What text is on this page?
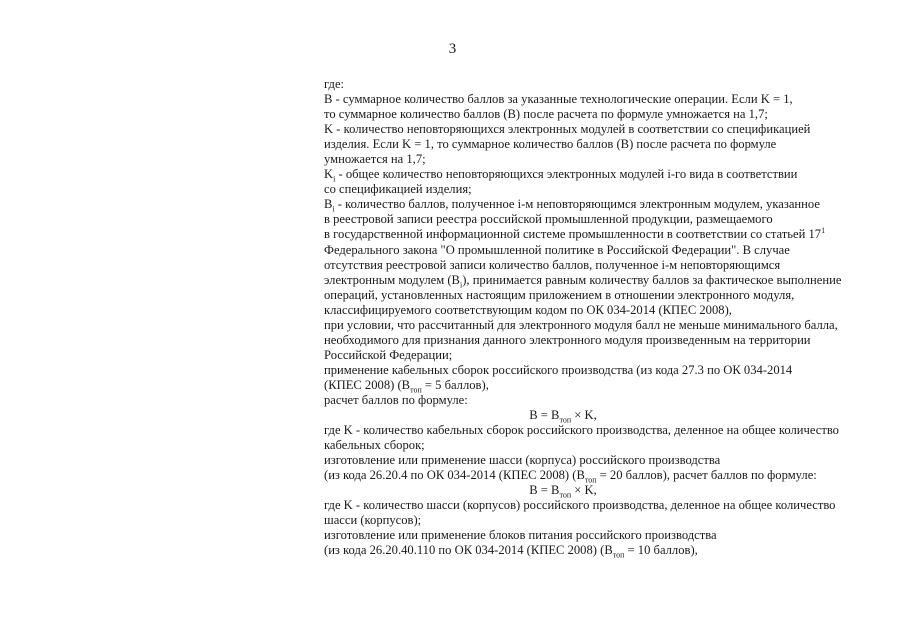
3
где:
В - суммарное количество баллов за указанные технологические операции. Если K = 1,
то суммарное количество баллов (В) после расчета по формуле умножается на 1,7;
K - количество неповторяющихся электронных модулей в соответствии со спецификацией
изделия. Если K = 1, то суммарное количество баллов (В) после расчета по формуле
умножается на 1,7;
$K_i$ - общее количество неповторяющихся электронных модулей i-го вида в соответствии
со спецификацией изделия;
$В_i$ - количество баллов, полученное i-м неповторяющимся электронным модулем, указанное
в реестровой записи реестра российской промышленной продукции, размещаемого
в государственной информационной системе промышленности в соответствии со статьей $17^1$
Федерального закона "О промышленной политике в Российской Федерации". В случае
отсутствия реестровой записи количество баллов, полученное i-м неповторяющимся
электронным модулем $(В_i)$, принимается равным количеству баллов за фактическое выполнение
операций, установленных настоящим приложением в отношении электронного модуля,
классифицируемого соответствующим кодом по ОК 034-2014 (КПЕС 2008),
при условии, что рассчитанный для электронного модуля балл не меньше минимального балла,
необходимого для признания данного электронного модуля произведенным на территории
Российской Федерации;
применение кабельных сборок российского производства (из кода 27.3 по ОК 034-2014
(КПЕС 2008) ($В_{топ} = 5$ баллов),
расчет баллов по формуле:
$В = В_{топ} \times K$,
где K - количество кабельных сборок российского производства, деленное на общее количество
кабельных сборок;
изготовление или применение шасси (корпуса) российского производства
(из кода 26.20.4 по ОК 034-2014 (КПЕС 2008) ($В_{топ} = 20$ баллов), расчет баллов по формуле:
$В = В_{топ} \times K$,
где K - количество шасси (корпусов) российского производства, деленное на общее количество
шасси (корпусов);
изготовление или применение блоков питания российского производства
(из кода 26.20.40.110 по ОК 034-2014 (КПЕС 2008) ($В_{топ} = 10$ баллов),
